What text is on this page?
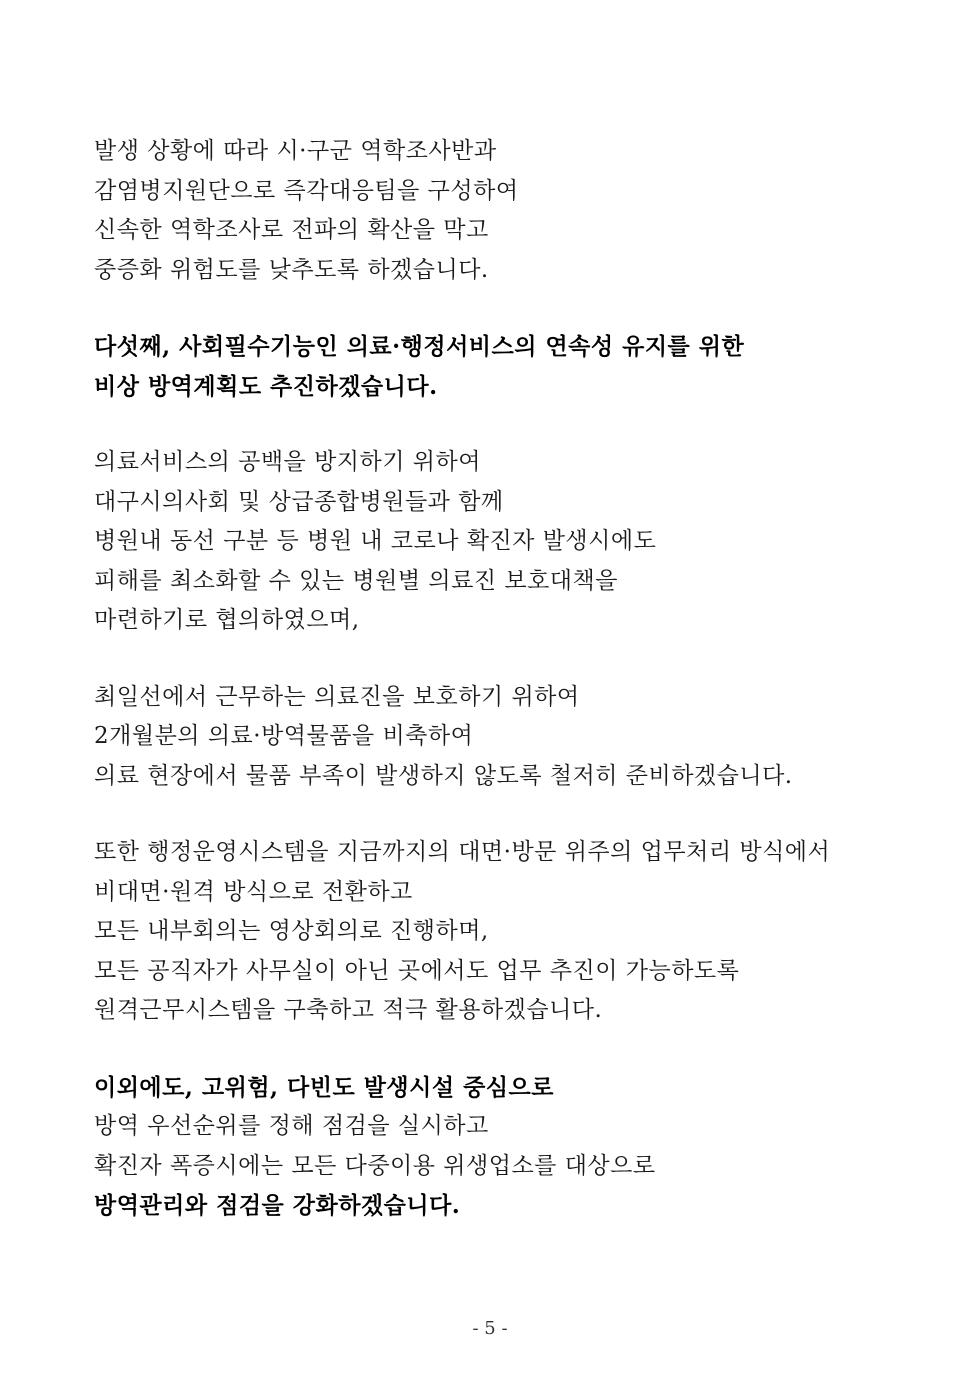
발생 상황에 따라 시·구군 역학조사반과
감염병지원단으로 즉각대응팀을 구성하여
신속한 역학조사로 전파의 확산을 막고
중증화 위험도를 낮추도록 하겠습니다.
다섯째, 사회필수기능인 의료·행정서비스의 연속성 유지를 위한
비상 방역계획도 추진하겠습니다.
의료서비스의 공백을 방지하기 위하여
대구시의사회 및 상급종합병원들과 함께
병원내 동선 구분 등 병원 내 코로나 확진자 발생시에도
피해를 최소화할 수 있는 병원별 의료진 보호대책을
마련하기로 협의하였으며,
최일선에서 근무하는 의료진을 보호하기 위하여
2개월분의 의료·방역물품을 비축하여
의료 현장에서 물품 부족이 발생하지 않도록 철저히 준비하겠습니다.
또한 행정운영시스템을 지금까지의 대면·방문 위주의 업무처리 방식에서
비대면·원격 방식으로 전환하고
모든 내부회의는 영상회의로 진행하며,
모든 공직자가 사무실이 아닌 곳에서도 업무 추진이 가능하도록
원격근무시스템을 구축하고 적극 활용하겠습니다.
이외에도, 고위험, 다빈도 발생시설 중심으로
방역 우선순위를 정해 점검을 실시하고
확진자 폭증시에는 모든 다중이용 위생업소를 대상으로
방역관리와 점검을 강화하겠습니다.
- 5 -
